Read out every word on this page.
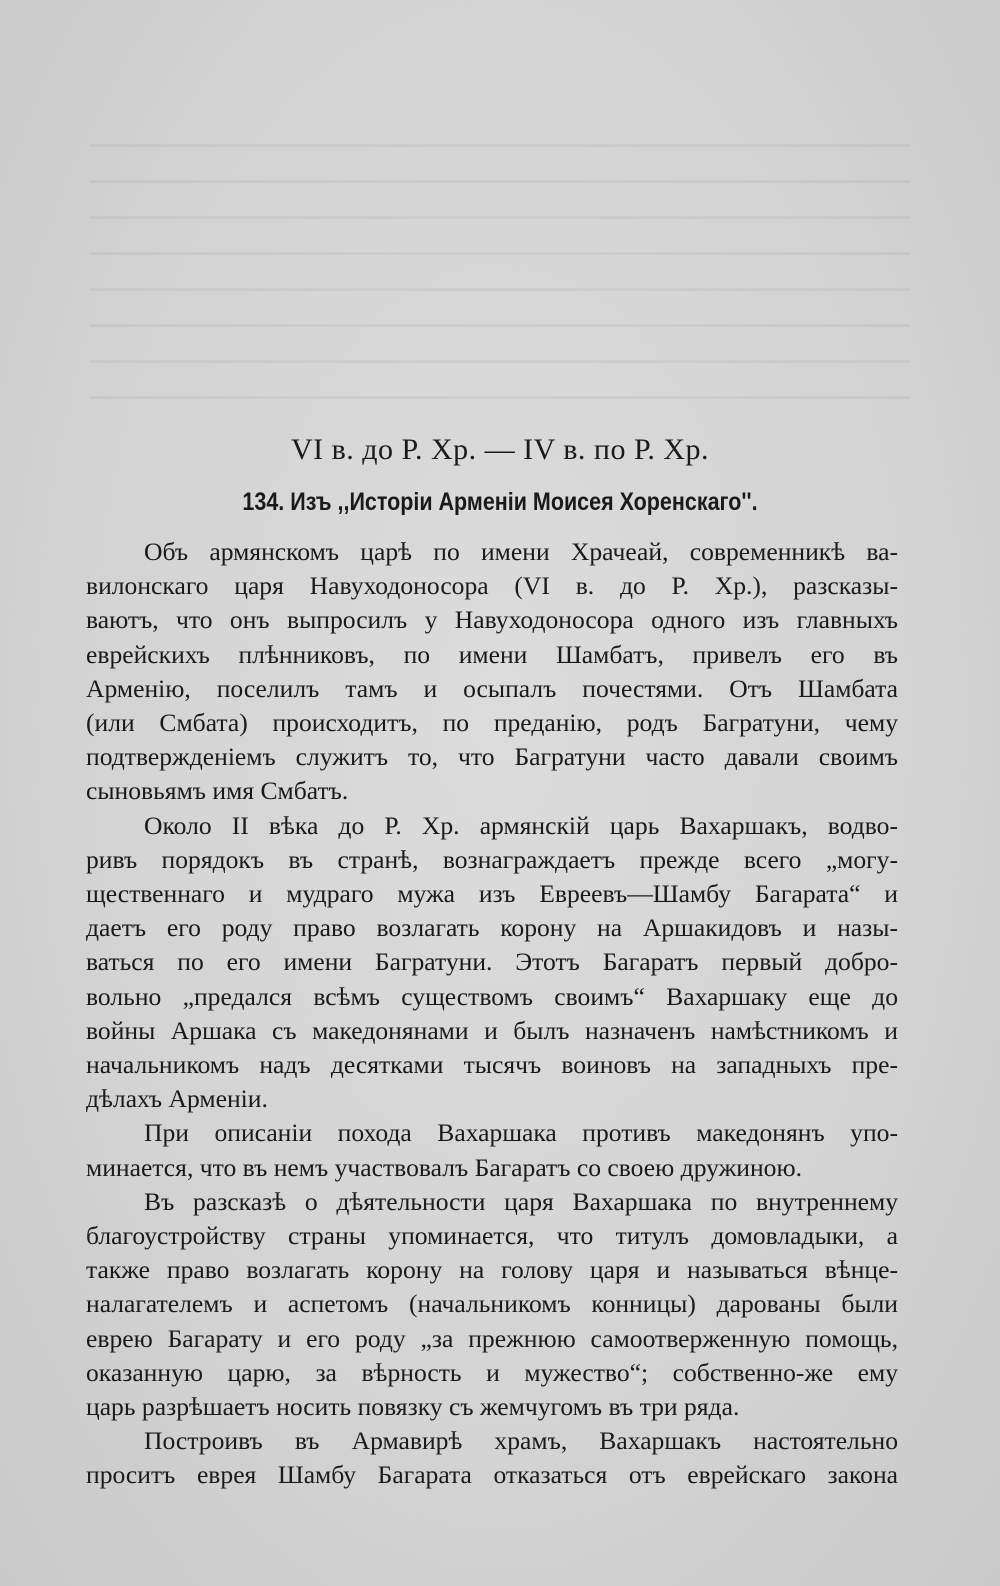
VI в. до Р. Хр. — IV в. по Р. Хр.
134. Изъ ,,Исторіи Арменіи Моисея Хоренскаго''.
Объ армянскомъ царѣ по имени Храчеай, современникѣ ва-
вилонскаго царя Навуходоносора (VI в. до Р. Хр.), разсказы-
ваютъ, что онъ выпросилъ у Навуходоносора одного изъ главныхъ
еврейскихъ плѣнниковъ, по имени Шамбатъ, привелъ его въ
Арменію, поселилъ тамъ и осыпалъ почестями. Отъ Шамбата
(или Смбата) происходитъ, по преданію, родъ Багратуни, чему
подтвержденіемъ служитъ то, что Багратуни часто давали своимъ
сыновьямъ имя Смбатъ.
Около II вѣка до Р. Хр. армянскій царь Вахаршакъ, водво-
ривъ порядокъ въ странѣ, вознаграждаетъ прежде всего „могу-
щественнаго и мудраго мужа изъ Евреевъ—Шамбу Багарата“ и
даетъ его роду право возлагать корону на Аршакидовъ и назы-
ваться по его имени Багратуни. Этотъ Багаратъ первый добро-
вольно „предался всѣмъ существомъ своимъ“ Вахаршаку еще до
войны Аршака съ македонянами и былъ назначенъ намѣстникомъ и
начальникомъ надъ десятками тысячъ воиновъ на западныхъ пре-
дѣлахъ Арменіи.
При описаніи похода Вахаршака противъ македонянъ упо-
минается, что въ немъ участвовалъ Багаратъ со своею дружиною.
Въ разсказѣ о дѣятельности царя Вахаршака по внутреннему
благоустройству страны упоминается, что титулъ домовладыки, а
также право возлагать корону на голову царя и называться вѣнце-
налагателемъ и аспетомъ (начальникомъ конницы) дарованы были
еврею Багарату и его роду „за прежнюю самоотверженную помощь,
оказанную царю, за вѣрность и мужество“; собственно-же ему
царь разрѣшаетъ носить повязку съ жемчугомъ въ три ряда.
Построивъ въ Армавирѣ храмъ, Вахаршакъ настоятельно
проситъ еврея Шамбу Багарата отказаться отъ еврейскаго закона
